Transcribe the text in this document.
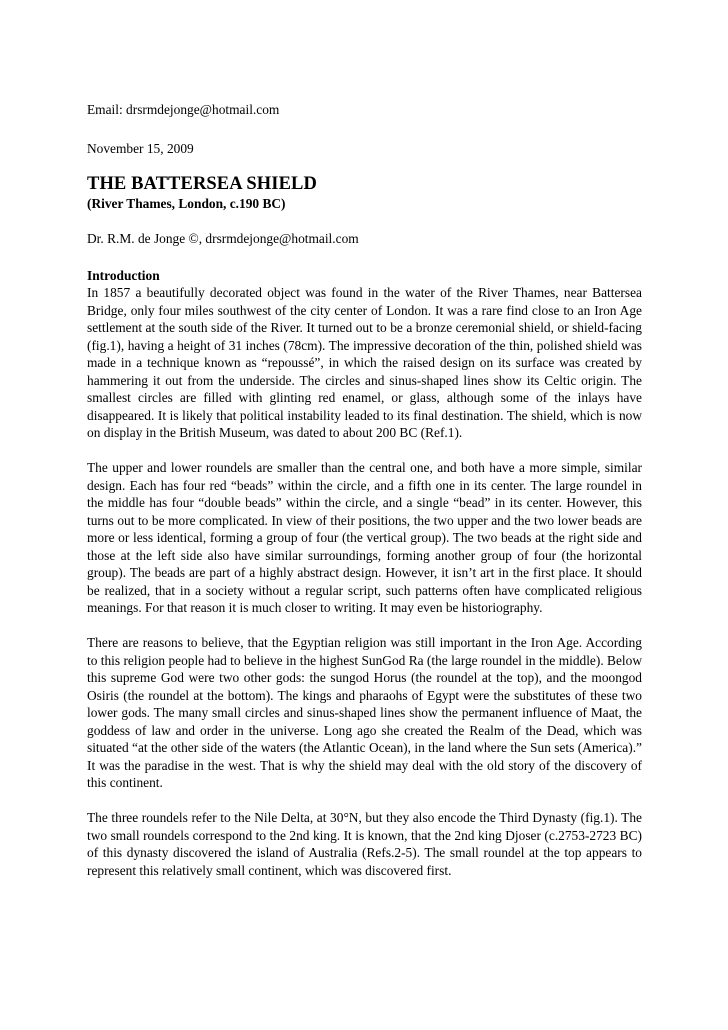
Email: drsrmdejonge@hotmail.com

November 15, 2009

THE BATTERSEA SHIELD

(River Thames, London, c.190 BC)

Dr. R.M. de Jonge ©, drsrmdejonge@hotmail.com

Introduction

In 1857 a beautifully decorated object was found in the water of the River Thames, near Battersea Bridge, only four miles southwest of the city center of London. It was a rare find close to an Iron Age settlement at the south side of the River. It turned out to be a bronze ceremonial shield, or shield-facing (fig.1), having a height of 31 inches (78cm). The impressive decoration of the thin, polished shield was made in a technique known as “repoussé”, in which the raised design on its surface was created by hammering it out from the underside. The circles and sinus-shaped lines show its Celtic origin. The smallest circles are filled with glinting red enamel, or glass, although some of the inlays have disappeared. It is likely that political instability leaded to its final destination. The shield, which is now on display in the British Museum, was dated to about 200 BC (Ref.1).

The upper and lower roundels are smaller than the central one, and both have a more simple, similar design. Each has four red “beads” within the circle, and a fifth one in its center. The large roundel in the middle has four “double beads” within the circle, and a single “bead” in its center. However, this turns out to be more complicated. In view of their positions, the two upper and the two lower beads are more or less identical, forming a group of four (the vertical group). The two beads at the right side and those at the left side also have similar surroundings, forming another group of four (the horizontal group). The beads are part of a highly abstract design. However, it isn’t art in the first place. It should be realized, that in a society without a regular script, such patterns often have complicated religious meanings. For that reason it is much closer to writing. It may even be historiography.

There are reasons to believe, that the Egyptian religion was still important in the Iron Age. According to this religion people had to believe in the highest SunGod Ra (the large roundel in the middle). Below this supreme God were two other gods: the sungod Horus (the roundel at the top), and the moongod Osiris (the roundel at the bottom). The kings and pharaohs of Egypt were the substitutes of these two lower gods. The many small circles and sinus-shaped lines show the permanent influence of Maat, the goddess of law and order in the universe. Long ago she created the Realm of the Dead, which was situated “at the other side of the waters (the Atlantic Ocean), in the land where the Sun sets (America).” It was the paradise in the west. That is why the shield may deal with the old story of the discovery of this continent.

The three roundels refer to the Nile Delta, at 30°N, but they also encode the Third Dynasty (fig.1). The two small roundels correspond to the 2nd king. It is known, that the 2nd king Djoser (c.2753-2723 BC) of this dynasty discovered the island of Australia (Refs.2-5). The small roundel at the top appears to represent this relatively small continent, which was discovered first.
